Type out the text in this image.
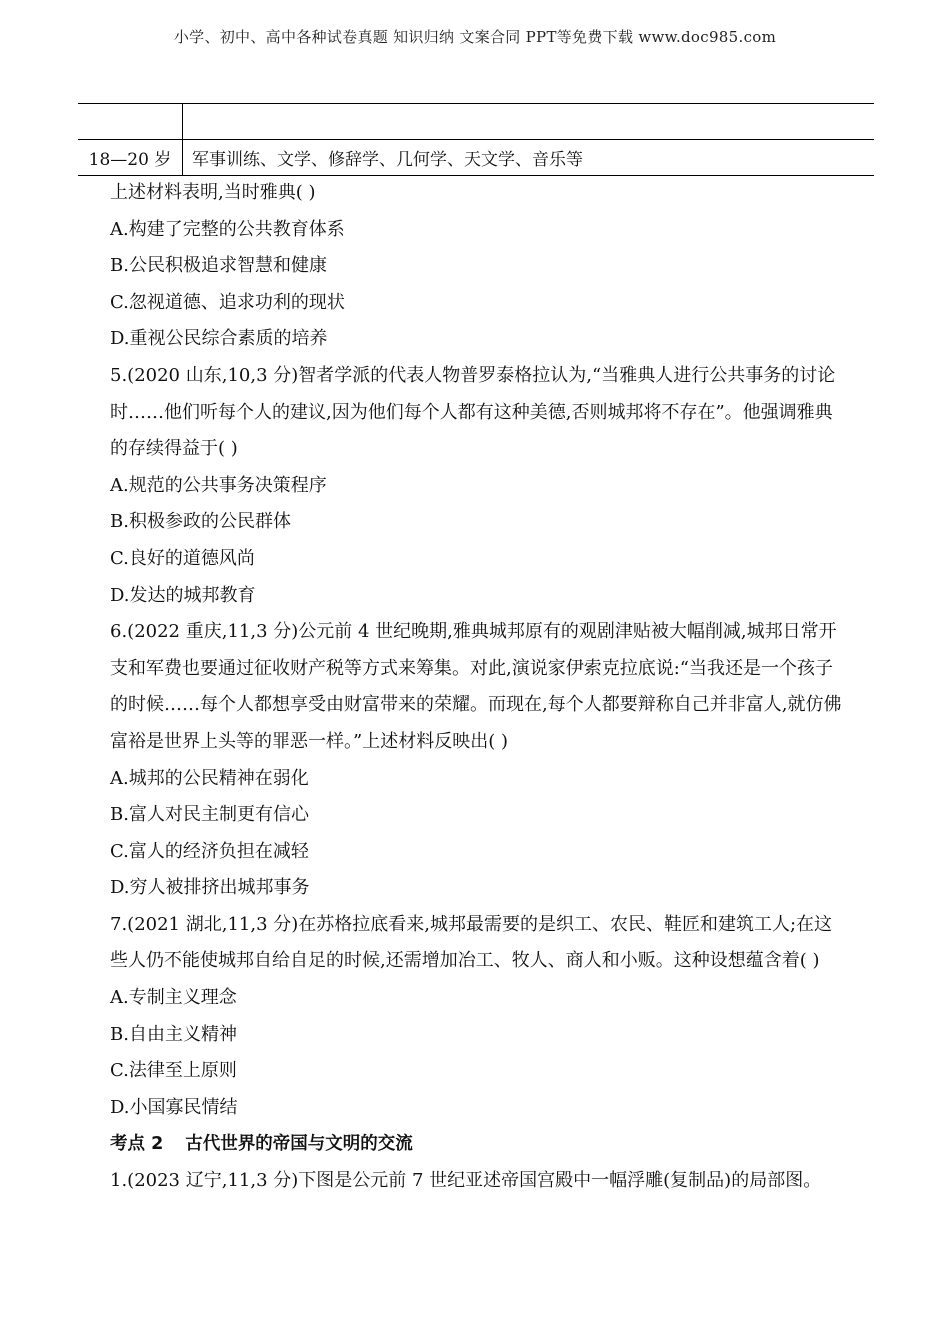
小学、初中、高中各种试卷真题 知识归纳 文案合同 PPT等免费下载 www.doc985.com

18—20 岁	军事训练、文学、修辞学、几何学、天文学、音乐等

上述材料表明,当时雅典( )

A.构建了完整的公共教育体系

B.公民积极追求智慧和健康

C.忽视道德、追求功利的现状

D.重视公民综合素质的培养

5.(2020 山东,10,3 分)智者学派的代表人物普罗泰格拉认为,“当雅典人进行公共事务的讨论时……他们听每个人的建议,因为他们每个人都有这种美德,否则城邦将不存在”。他强调雅典的存续得益于( )

A.规范的公共事务决策程序

B.积极参政的公民群体

C.良好的道德风尚

D.发达的城邦教育

6.(2022 重庆,11,3 分)公元前 4 世纪晚期,雅典城邦原有的观剧津贴被大幅削减,城邦日常开支和军费也要通过征收财产税等方式来筹集。对此,演说家伊索克拉底说:“当我还是一个孩子的时候……每个人都想享受由财富带来的荣耀。而现在,每个人都要辩称自己并非富人,就仿佛富裕是世界上头等的罪恶一样。”上述材料反映出( )

A.城邦的公民精神在弱化

B.富人对民主制更有信心

C.富人的经济负担在减轻

D.穷人被排挤出城邦事务

7.(2021 湖北,11,3 分)在苏格拉底看来,城邦最需要的是织工、农民、鞋匠和建筑工人;在这些人仍不能使城邦自给自足的时候,还需增加冶工、牧人、商人和小贩。这种设想蕴含着( )

A.专制主义理念

B.自由主义精神

C.法律至上原则

D.小国寡民情结

考点 2 古代世界的帝国与文明的交流

1.(2023 辽宁,11,3 分)下图是公元前 7 世纪亚述帝国宫殿中一幅浮雕(复制品)的局部图。
